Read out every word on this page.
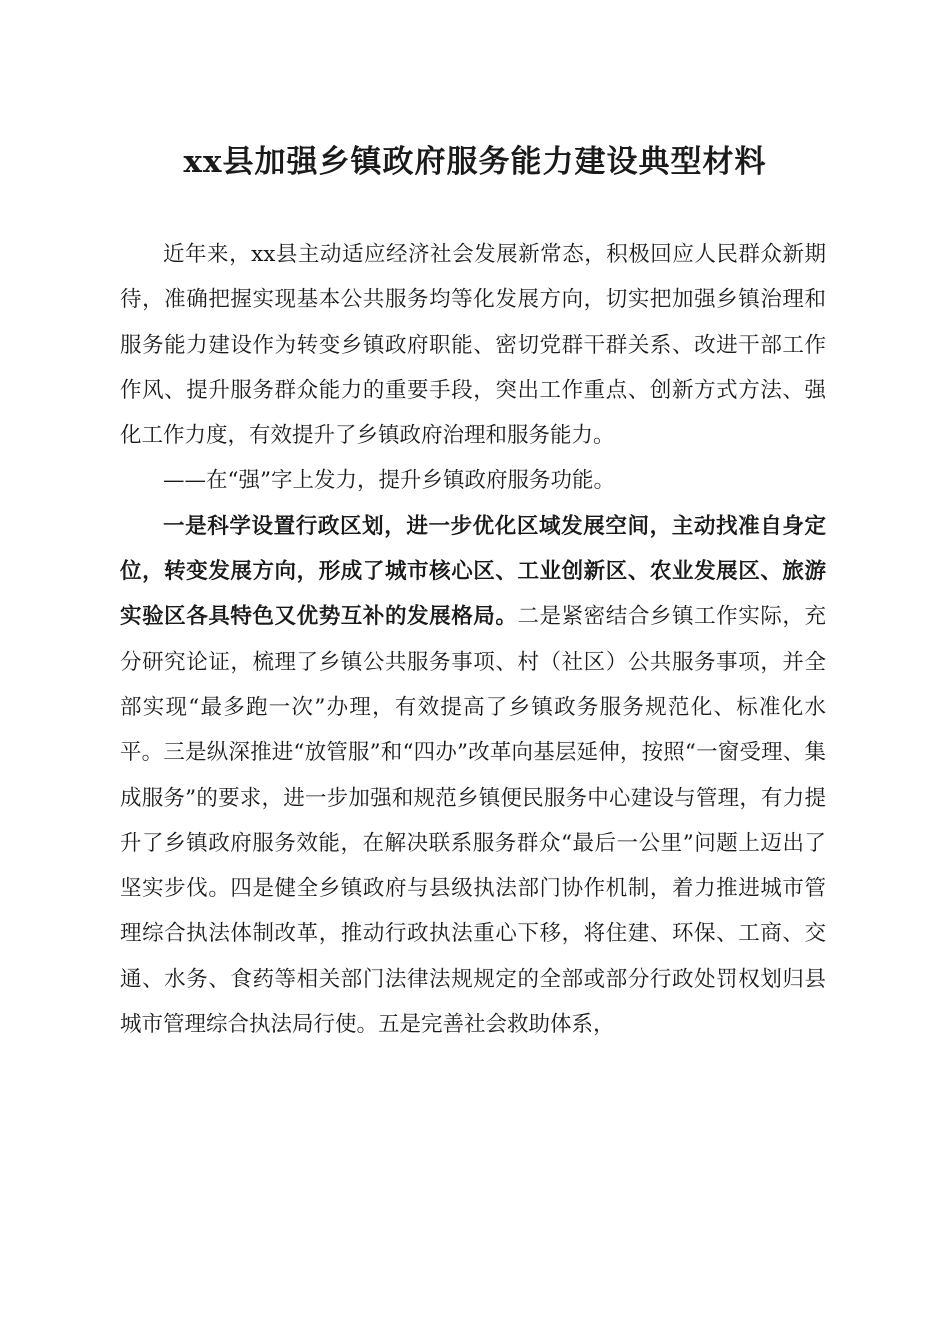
xx县加强乡镇政府服务能力建设典型材料

近年来，xx县主动适应经济社会发展新常态，积极回应人民群众新期待，准确把握实现基本公共服务均等化发展方向，切实把加强乡镇治理和服务能力建设作为转变乡镇政府职能、密切党群干群关系、改进干部工作作风、提升服务群众能力的重要手段，突出工作重点、创新方式方法、强化工作力度，有效提升了乡镇政府治理和服务能力。

——在“强”字上发力，提升乡镇政府服务功能。

一是科学设置行政区划，进一步优化区域发展空间，主动找准自身定位，转变发展方向，形成了城市核心区、工业创新区、农业发展区、旅游实验区各具特色又优势互补的发展格局。二是紧密结合乡镇工作实际，充分研究论证，梳理了乡镇公共服务事项、村（社区）公共服务事项，并全部实现“最多跑一次”办理，有效提高了乡镇政务服务规范化、标准化水平。三是纵深推进“放管服”和“四办”改革向基层延伸，按照“一窗受理、集成服务”的要求，进一步加强和规范乡镇便民服务中心建设与管理，有力提升了乡镇政府服务效能，在解决联系服务群众“最后一公里”问题上迈出了坚实步伐。四是健全乡镇政府与县级执法部门协作机制，着力推进城市管理综合执法体制改革，推动行政执法重心下移，将住建、环保、工商、交通、水务、食药等相关部门法律法规规定的全部或部分行政处罚权划归县城市管理综合执法局行使。五是完善社会救助体系，
